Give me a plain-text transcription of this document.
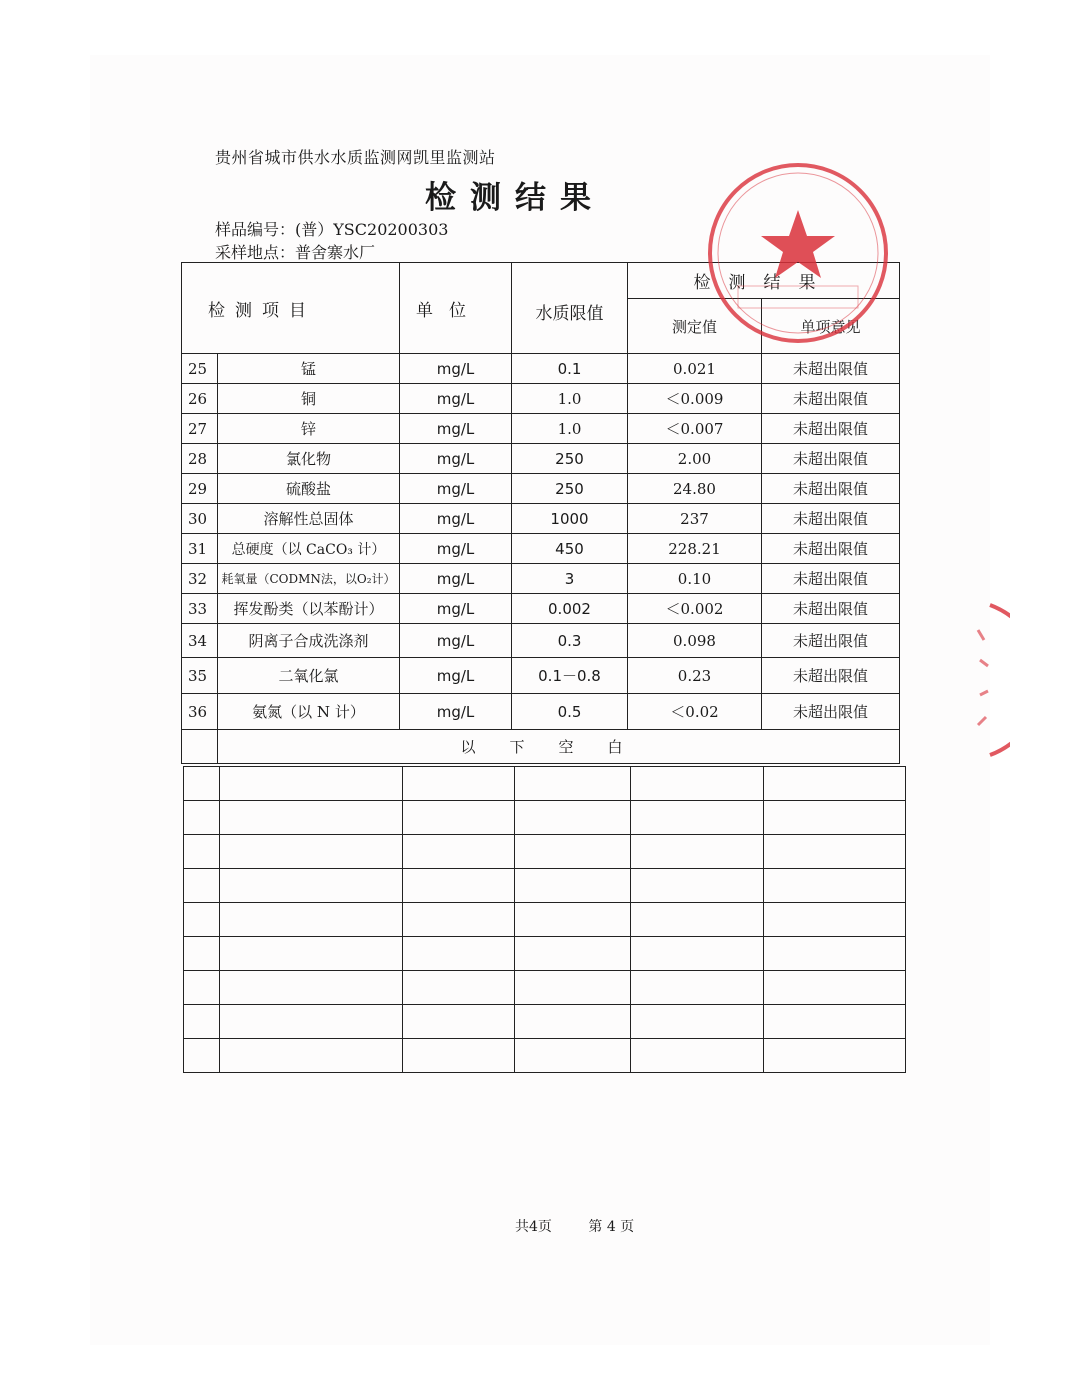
贵州省城市供水水质监测网凯里监测站
检测结果
样品编号：(普）YSC20200303
采样地点：普舍寨水厂
检测项目		单位	水质限值	检测结果	
				测定值	单项意见
25	锰	mg/L	0.1	0.021	未超出限值
26	铜	mg/L	1.0	＜0.009	未超出限值
27	锌	mg/L	1.0	＜0.007	未超出限值
28	氯化物	mg/L	250	2.00	未超出限值
29	硫酸盐	mg/L	250	24.80	未超出限值
30	溶解性总固体	mg/L	1000	237	未超出限值
31	总硬度（以 CaCO₃ 计）	mg/L	450	228.21	未超出限值
32	耗氧量（CODMN法，以O₂计）	mg/L	3	0.10	未超出限值
33	挥发酚类（以苯酚计）	mg/L	0.002	＜0.002	未超出限值
34	阴离子合成洗涤剂	mg/L	0.3	0.098	未超出限值
35	二氧化氯	mg/L	0.1－0.8	0.23	未超出限值
36	氨氮（以 N 计）	mg/L	0.5	＜0.02	未超出限值
	以下空白				

共4页	第 4 页
